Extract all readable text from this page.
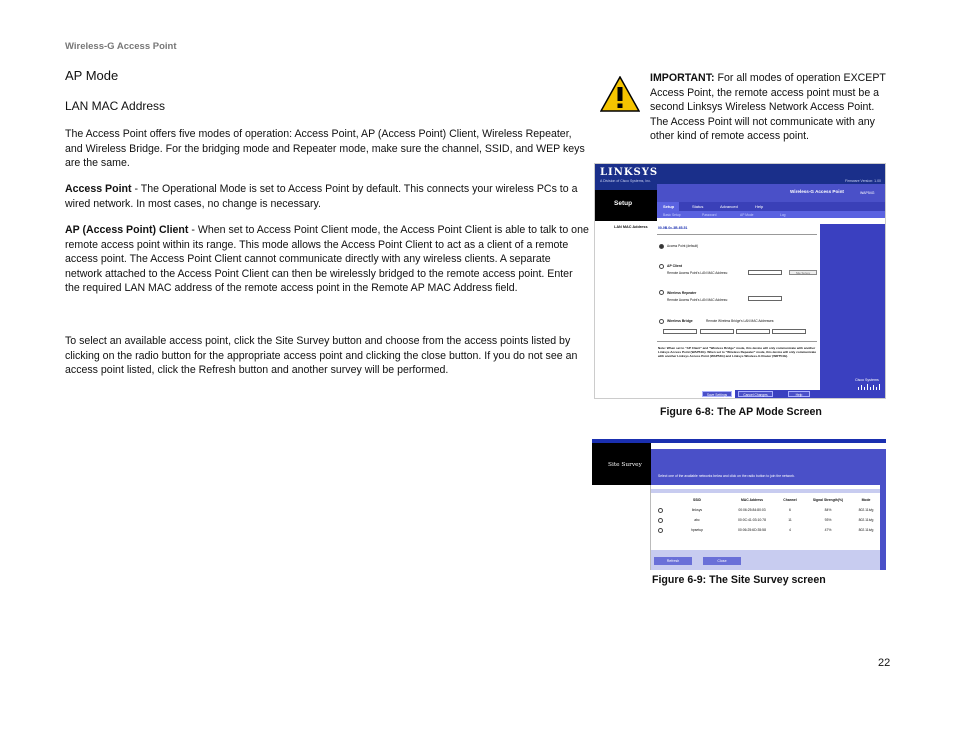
Wireless-G Access Point
AP Mode
LAN MAC Address

The Access Point offers five modes of operation: Access Point, AP (Access Point) Client, Wireless Repeater, and Wireless Bridge. For the bridging mode and Repeater mode, make sure the channel, SSID, and WEP keys are the same.

Access Point - The Operational Mode is set to Access Point by default. This connects your wireless PCs to a wired network. In most cases, no change is necessary.

AP (Access Point) Client - When set to Access Point Client mode, the Access Point Client is able to talk to one remote access point within its range. This mode allows the Access Point Client to act as a client of a remote access point. The Access Point Client cannot communicate directly with any wireless clients. A separate network attached to the Access Point Client can then be wirelessly bridged to the remote access point. Enter the required LAN MAC address of the remote access point in the Remote AP MAC Address field.

To select an available access point, click the Site Survey button and choose from the access points listed by clicking on the radio button for the appropriate access point and clicking the close button. If you do not see an access point listed, click the Refresh button and another survey will be performed.

IMPORTANT: For all modes of operation EXCEPT Access Point, the remote access point must be a second Linksys Wireless Network Access Point. The Access Point will not communicate with any other kind of remote access point.

LINKSYS
A Division of Cisco Systems, Inc.	Firmware Version: 1.00
Setup
Wireless-G Access Point	WAP54G
Setup	Status	Advanced	Help
Basic Setup	Password	AP Mode	Log
LAN MAC Address	00-0B-0c-3B-65-51
Access Point (default)
AP Client
Remote Access Point's LAN MAC Address:	Site Survey
Wireless Repeater
Remote Access Point's LAN MAC Address:
Wireless Bridge	Remote Wireless Bridge's LAN MAC Addresses:

Note: When set to "AP Client" and "Wireless Bridge" mode, this device will only communicate with another Linksys Access Point (WAP54G). When set to "Wireless Repeater" mode, this device will only communicate with another Linksys Access Point (WAP54G) and Linksys Wireless-G Router (WRT54G).

Cisco Systems
Save Settings	Cancel Changes	Help
Figure 6-8: The AP Mode Screen
Site Survey
Select one of the available networks below and click on the radio button to join the network.
SSID	MAC Address	Channel	Signal Strength(%)	Mode
linksys	00:06:25:84:80:03	6	84%	802.11b/g
abc	00:0C:41:03:10:78	11	93%	802.11b/g
hpsetup	00:06:25:6D:35:58	4	47%	802.11b/g
Refresh	Close
Figure 6-9: The Site Survey screen
22
